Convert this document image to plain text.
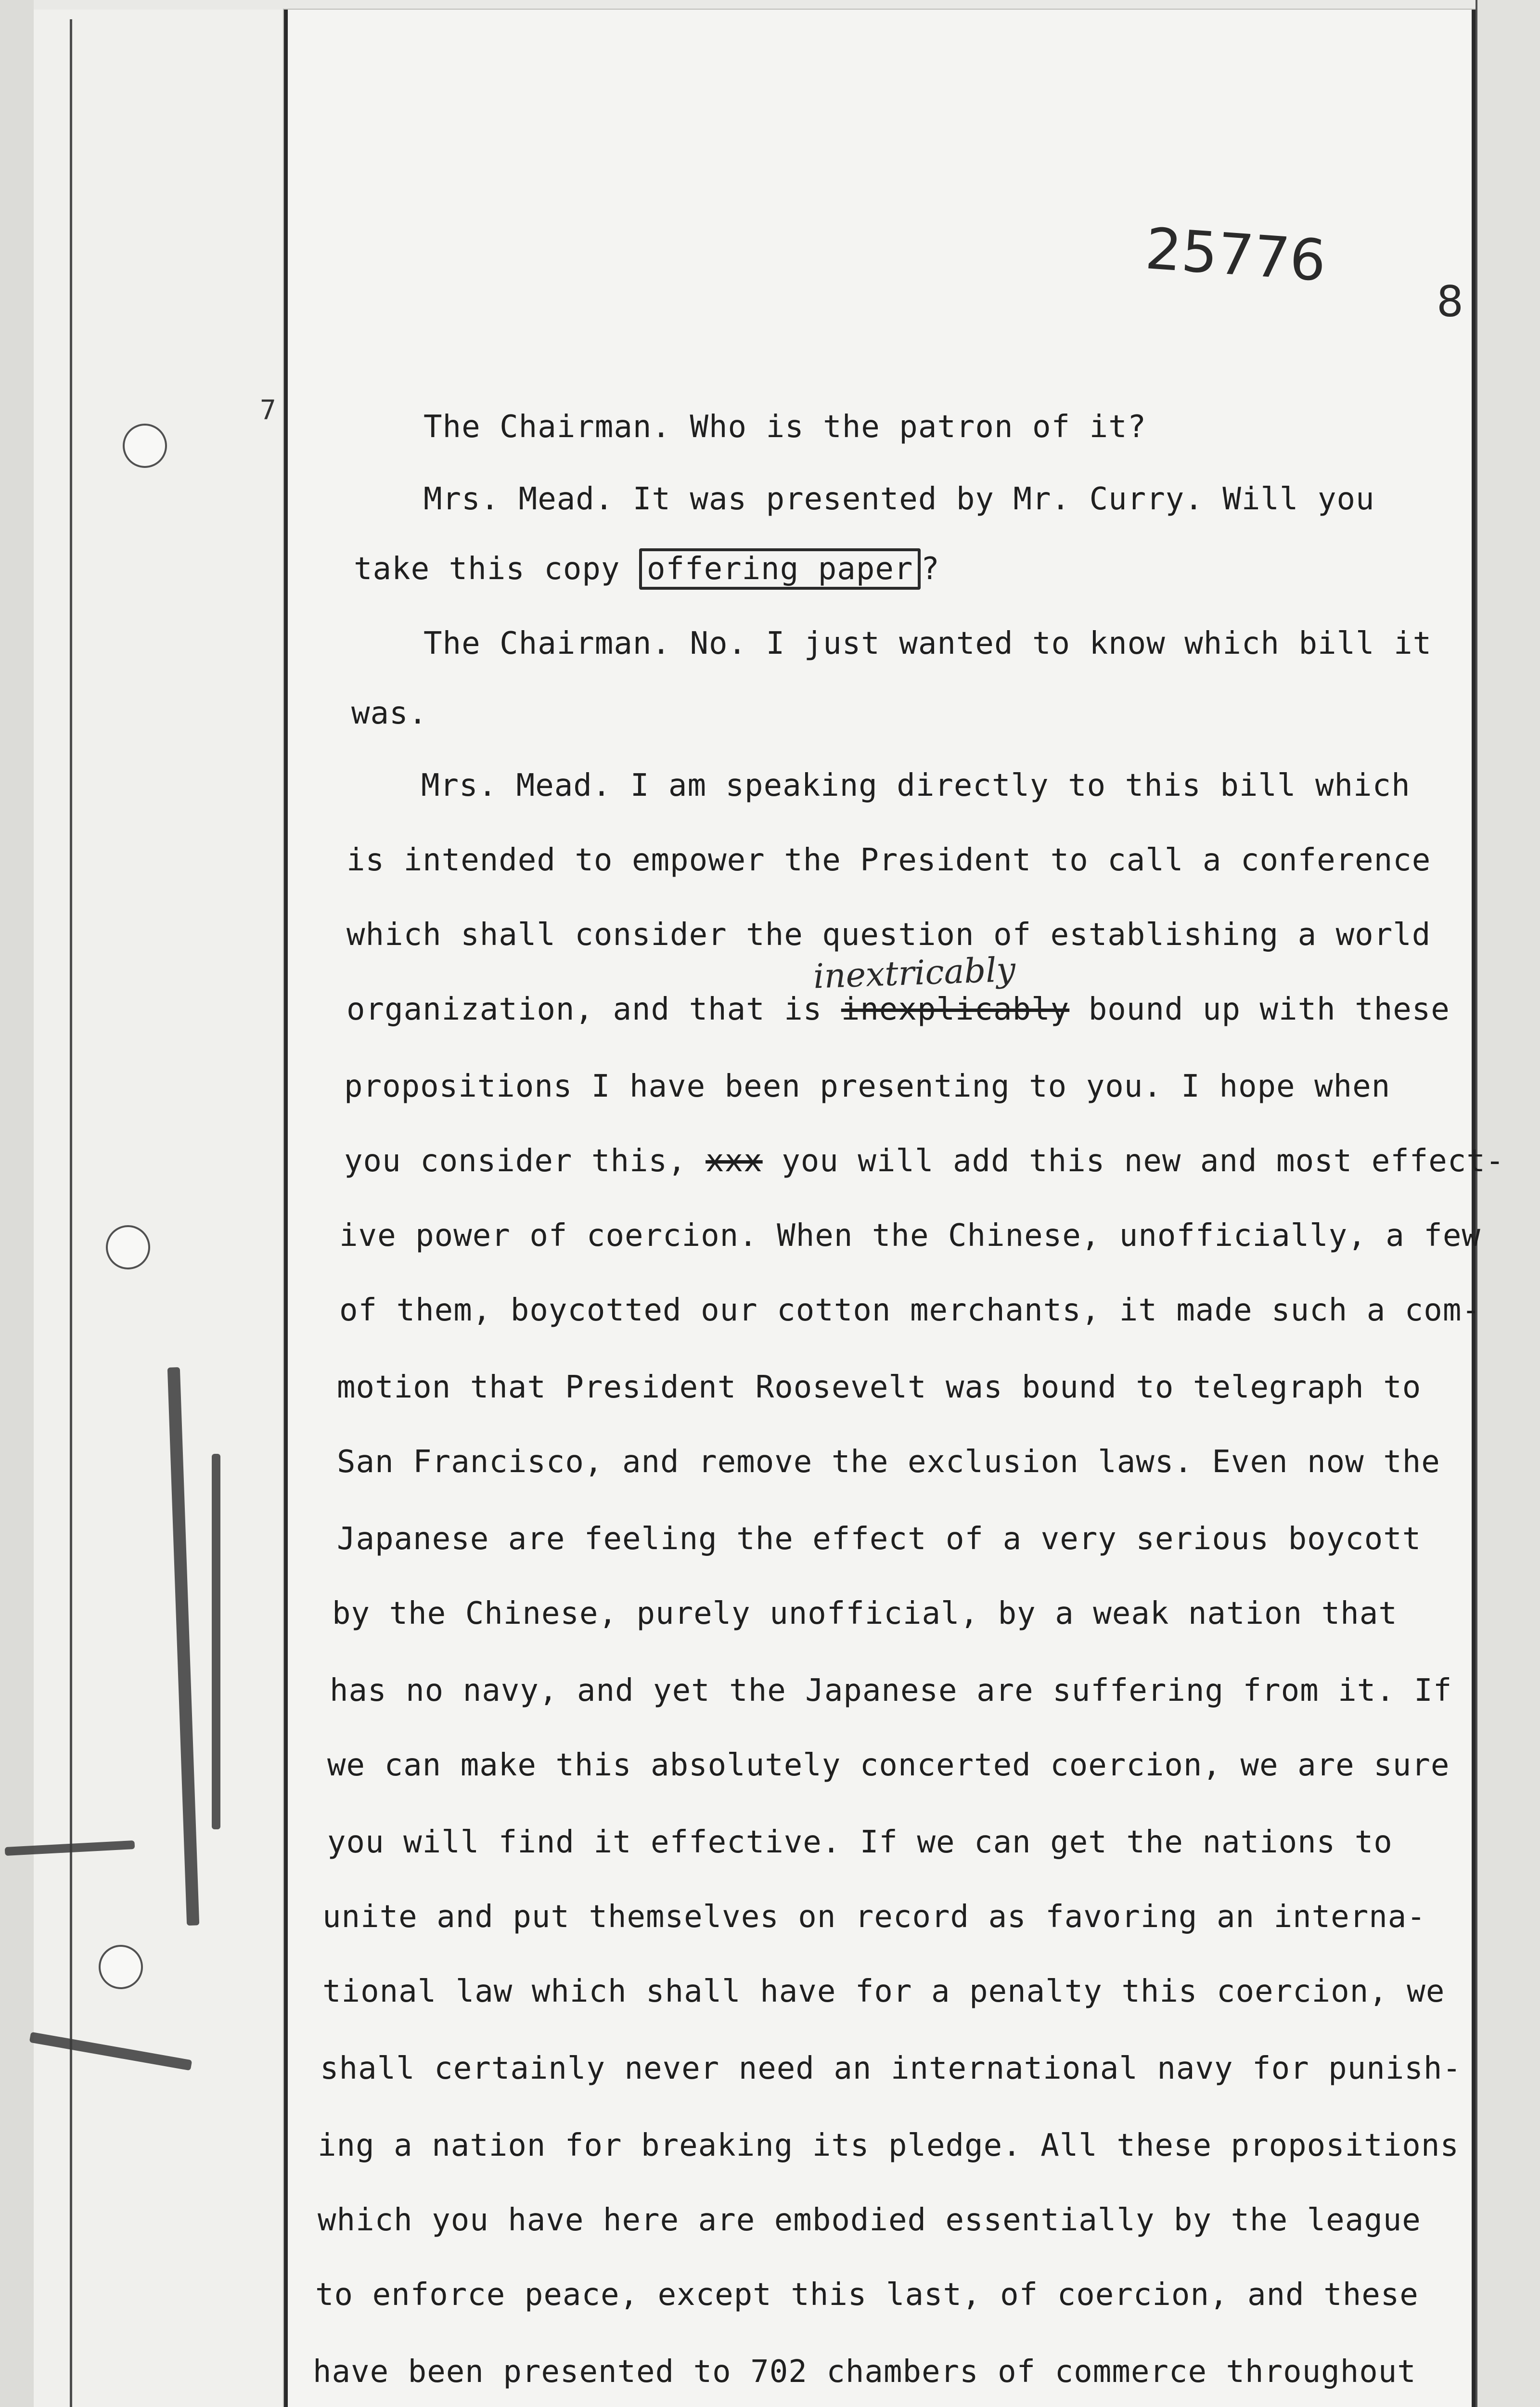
25776
8
7
inextricably
The Chairman. Who is the patron of it?
Mrs. Mead. It was presented by Mr. Curry. Will you
take this copy offering paper ?
The Chairman. No. I just wanted to know which bill it
was.
Mrs. Mead. I am speaking directly to this bill which
is intended to empower the President to call a conference
which shall consider the question of establishing a world
organization, and that is inexplicably bound up with these
propositions I have been presenting to you. I hope when
you consider this, xxx you will add this new and most effect-
ive power of coercion. When the Chinese, unofficially, a few
of them, boycotted our cotton merchants, it made such a com-
motion that President Roosevelt was bound to telegraph to
San Francisco, and remove the exclusion laws. Even now the
Japanese are feeling the effect of a very serious boycott
by the Chinese, purely unofficial, by a weak nation that
has no navy, and yet the Japanese are suffering from it. If
we can make this absolutely concerted coercion, we are sure
you will find it effective. If we can get the nations to
unite and put themselves on record as favoring an interna-
tional law which shall have for a penalty this coercion, we
shall certainly never need an international navy for punish-
ing a nation for breaking its pledge. All these propositions
which you have here are embodied essentially by the league
to enforce peace, except this last, of coercion, and these
have been presented to 702 chambers of commerce throughout
